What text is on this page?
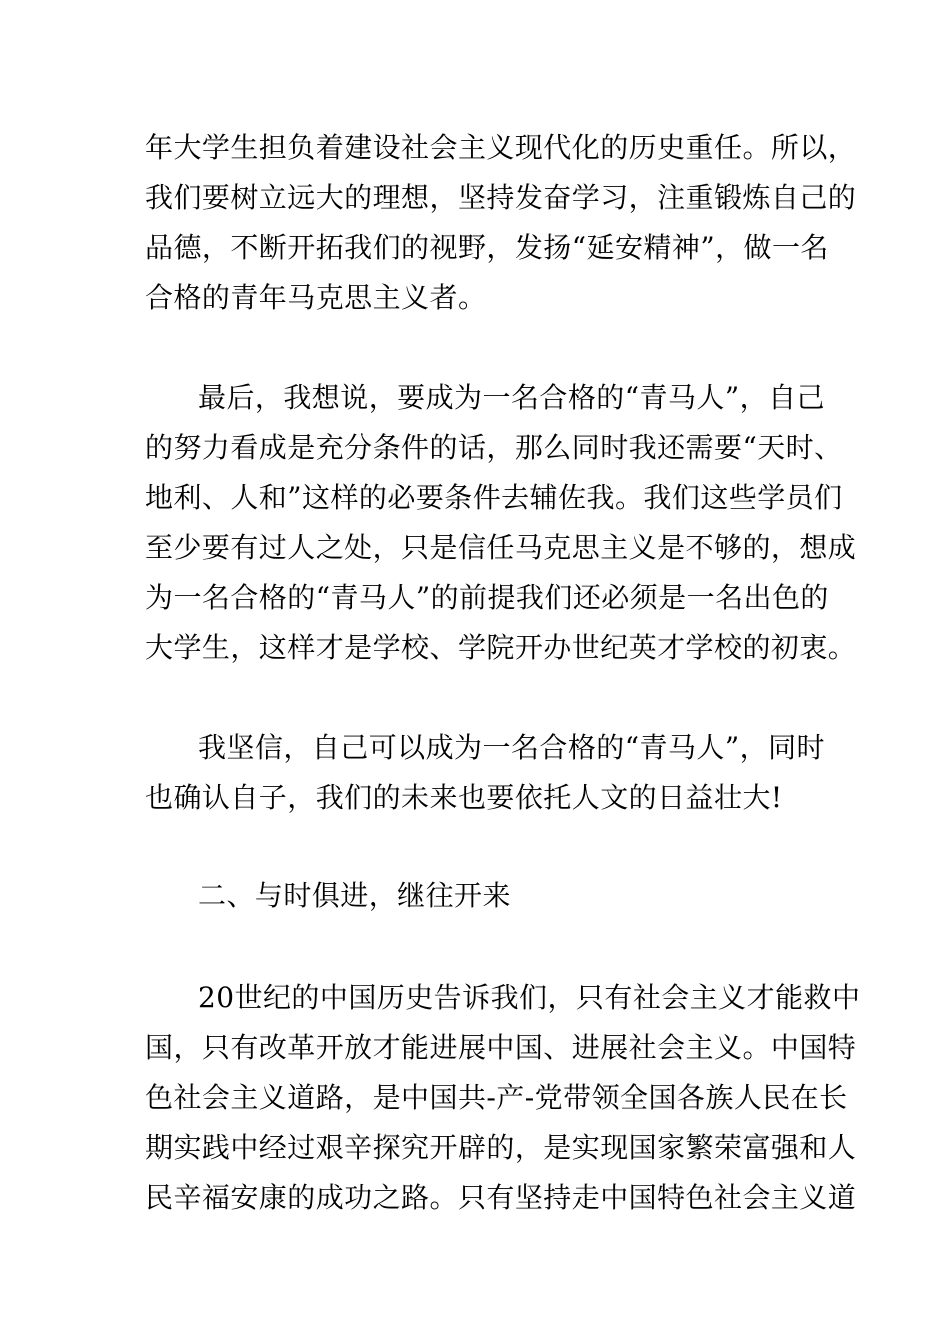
年大学生担负着建设社会主义现代化的历史重任。所以，
我们要树立远大的理想，坚持发奋学习，注重锻炼自己的
品德，不断开拓我们的视野，发扬“延安精神”，做一名
合格的青年马克思主义者。
最后，我想说，要成为一名合格的“青马人”，自己
的努力看成是充分条件的话，那么同时我还需要“天时、
地利、人和”这样的必要条件去辅佐我。我们这些学员们
至少要有过人之处，只是信任马克思主义是不够的，想成
为一名合格的“青马人”的前提我们还必须是一名出色的
大学生，这样才是学校、学院开办世纪英才学校的初衷。
我坚信，自己可以成为一名合格的“青马人”，同时
也确认自子，我们的未来也要依托人文的日益壮大!
二、与时俱进，继往开来
20世纪的中国历史告诉我们，只有社会主义才能救中
国，只有改革开放才能进展中国、进展社会主义。中国特
色社会主义道路，是中国共-产-党带领全国各族人民在长
期实践中经过艰辛探究开辟的，是实现国家繁荣富强和人
民辛福安康的成功之路。只有坚持走中国特色社会主义道
